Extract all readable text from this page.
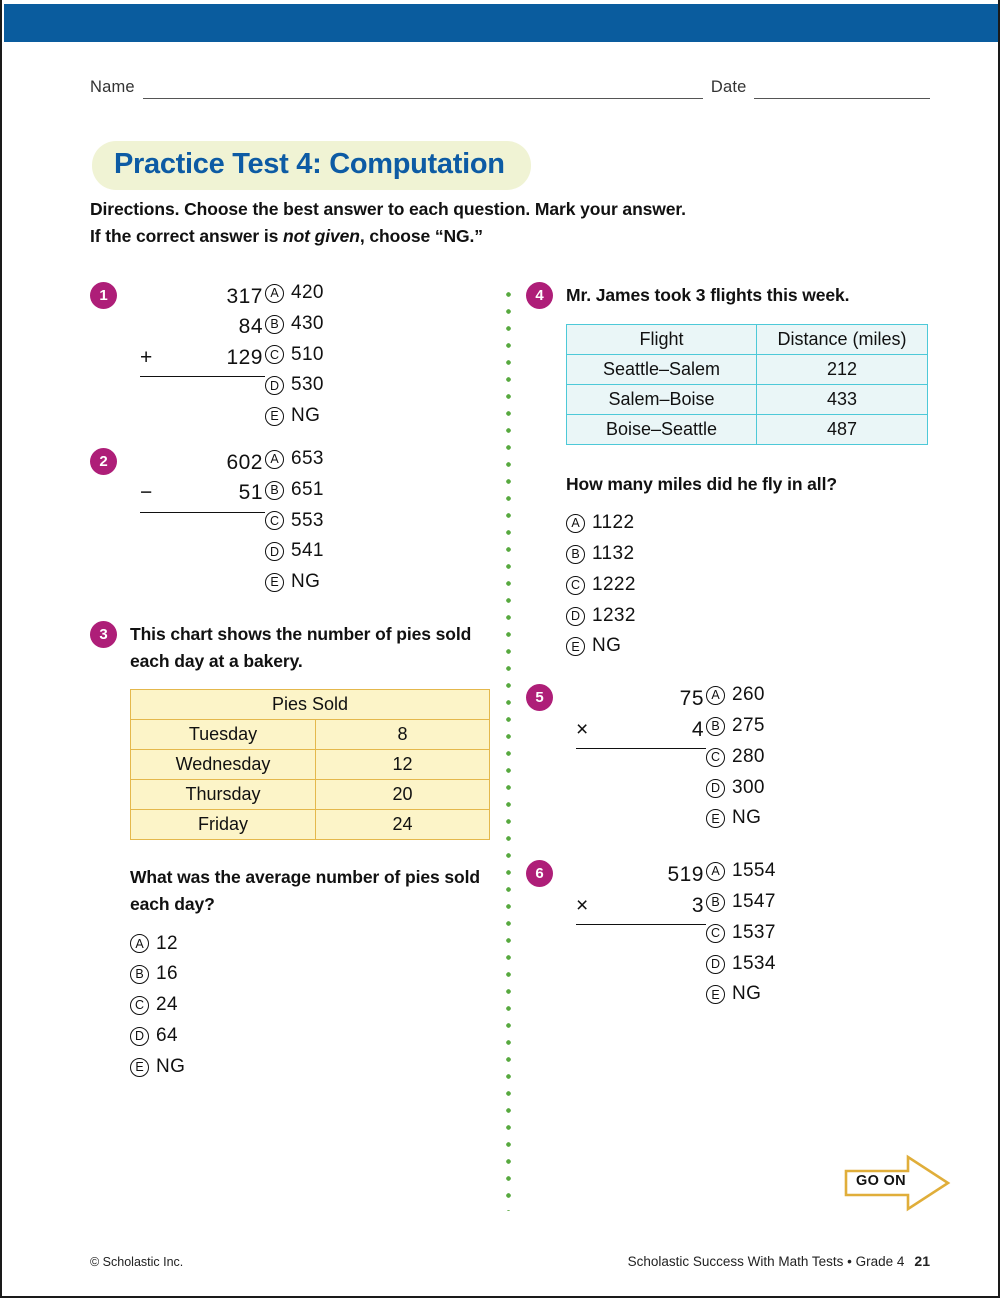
Name	Date
Practice Test 4: Computation
Directions. Choose the best answer to each question. Mark your answer.
If the correct answer is not given, choose “NG.”
1	317
84
+	129
A 420
B 430
C 510
D 530
E NG
2	602
−	51
A 653
B 651
C 553
D 541
E NG
3	This chart shows the number of pies sold each day at a bakery.
Pies Sold	
Tuesday	8
Wednesday	12
Thursday	20
Friday	24
What was the average number of pies sold each day?
A 12
B 16
C 24
D 64
E NG
4	Mr. James took 3 flights this week.
Flight	Distance (miles)
Seattle–Salem	212
Salem–Boise	433
Boise–Seattle	487
How many miles did he fly in all?
A 1122
B 1132
C 1222
D 1232
E NG
5	75
×	4
A 260
B 275
C 280
D 300
E NG
6	519
×	3
A 1554
B 1547
C 1537
D 1534
E NG
GO ON
© Scholastic Inc.	Scholastic Success With Math Tests • Grade 4 21
